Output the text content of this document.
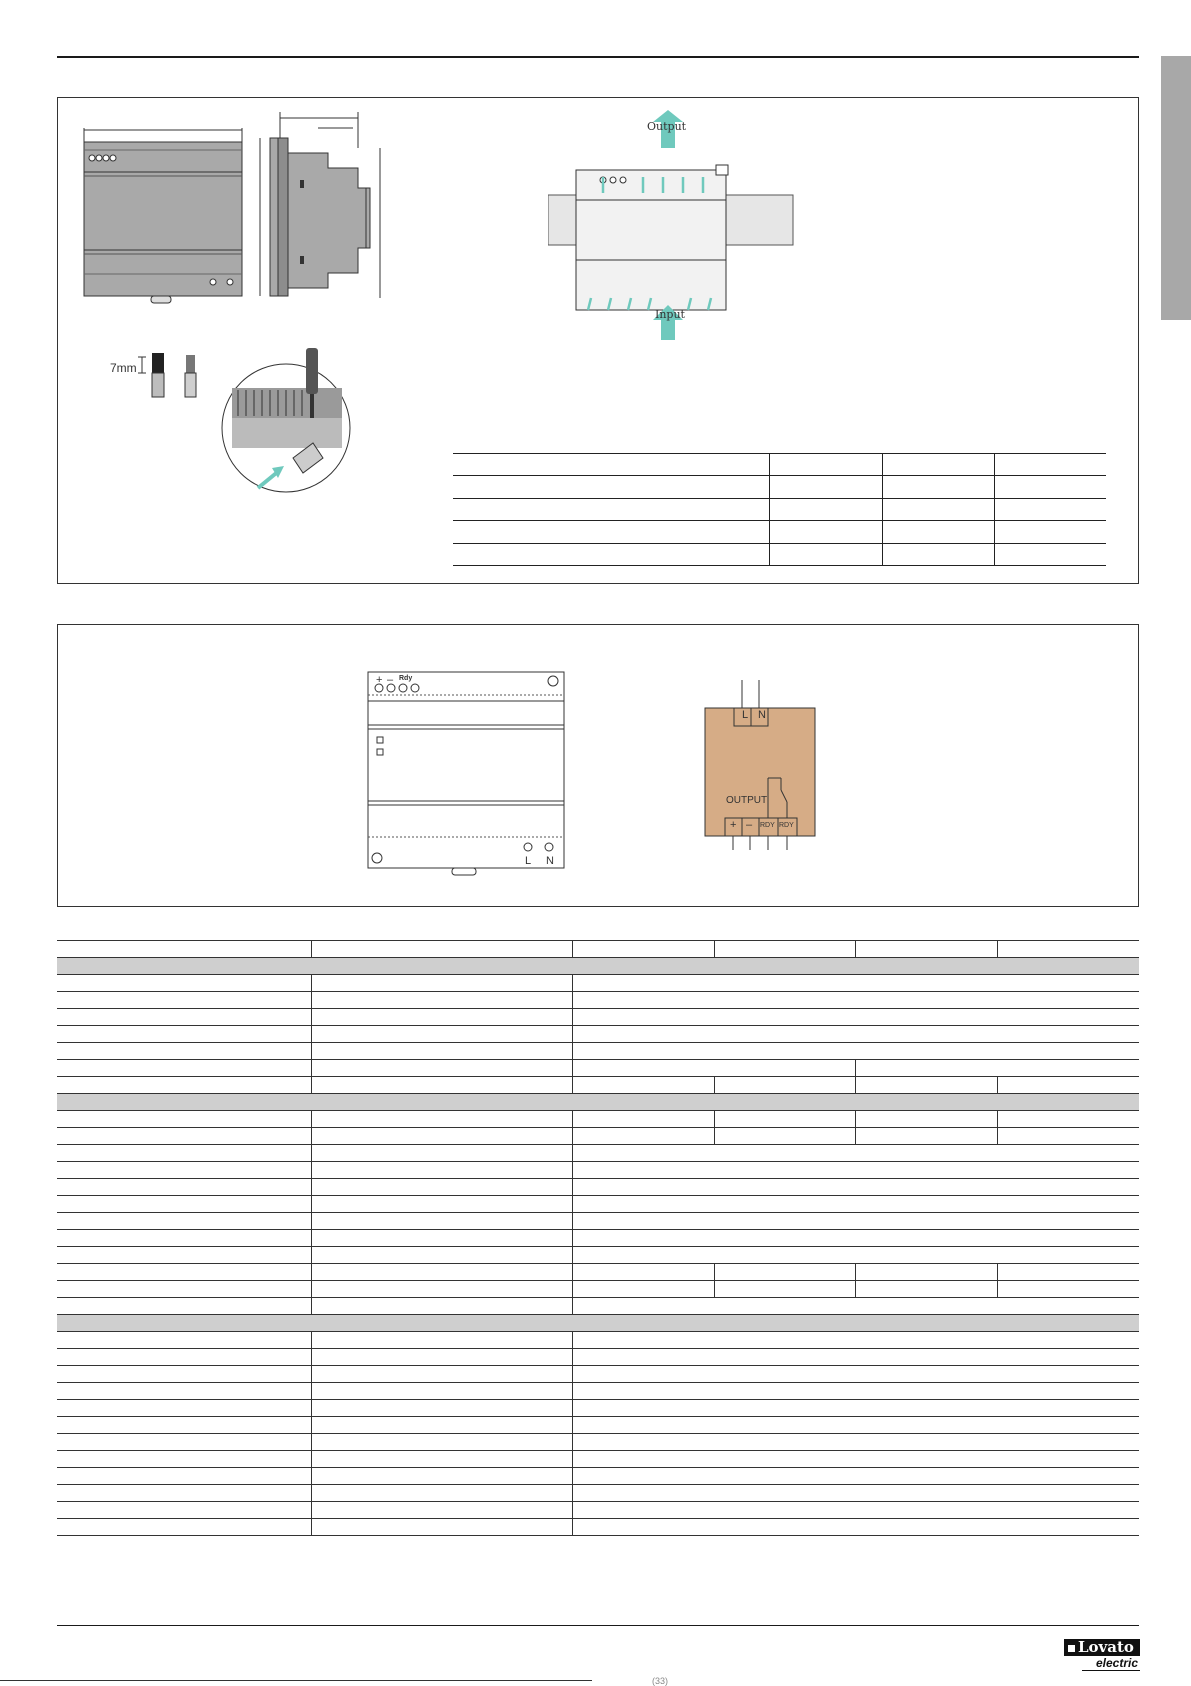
7mm
Output
Input
+ – Rdy
L N
L N
OUTPUT
+ – RDY RDY
Lovato
electric
(33)
